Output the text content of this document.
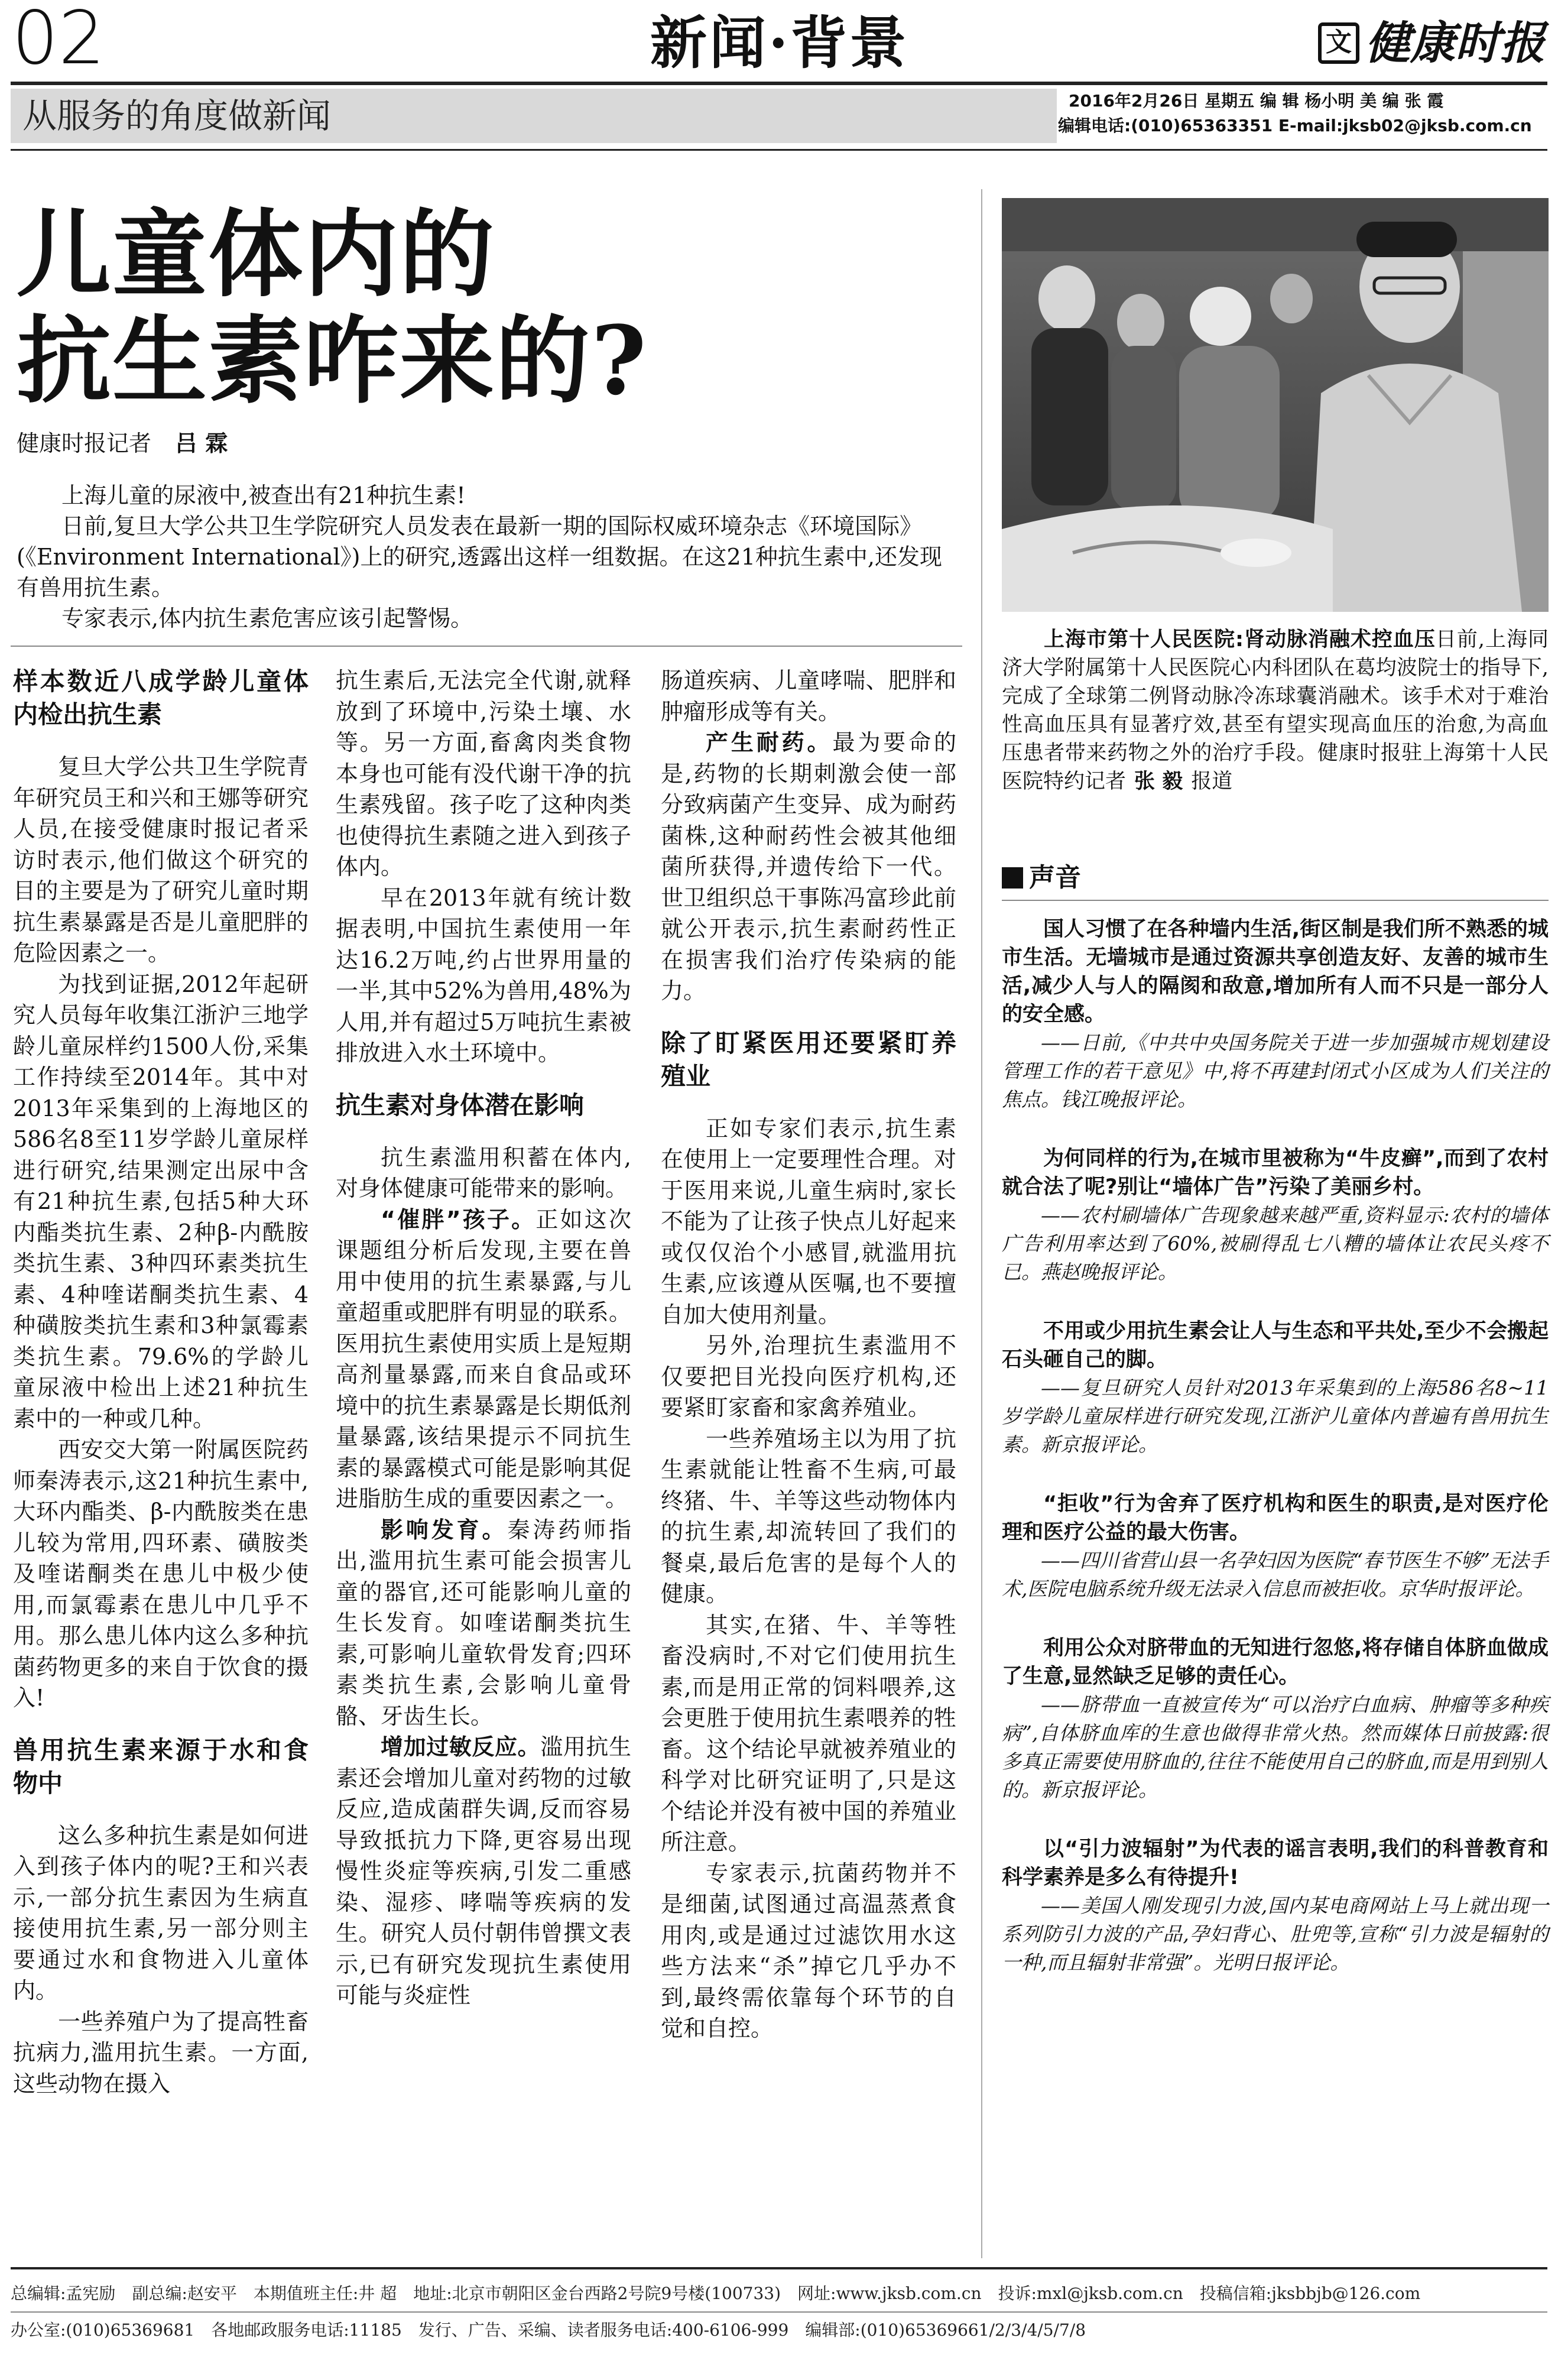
02	新闻·背景	文 健康时报
从服务的角度做新闻	2016年2月26日 星期五 编 辑 杨小明 美 编 张 霞
编辑电话:(010)65363351 E-mail:jksb02@jksb.com.cn
儿童体内的
抗生素咋来的?
健康时报记者 吕 霖

上海儿童的尿液中,被查出有21种抗生素!

日前,复旦大学公共卫生学院研究人员发表在最新一期的国际权威环境杂志《环境国际》(《Environment International》)上的研究,透露出这样一组数据。在这21种抗生素中,还发现有兽用抗生素。

专家表示,体内抗生素危害应该引起警惕。

样本数近八成学龄儿童体内检出抗生素

复旦大学公共卫生学院青年研究员王和兴和王娜等研究人员,在接受健康时报记者采访时表示,他们做这个研究的目的主要是为了研究儿童时期抗生素暴露是否是儿童肥胖的危险因素之一。

为找到证据,2012年起研究人员每年收集江浙沪三地学龄儿童尿样约1500人份,采集工作持续至2014年。其中对2013年采集到的上海地区的586名8至11岁学龄儿童尿样进行研究,结果测定出尿中含有21种抗生素,包括5种大环内酯类抗生素、2种β-内酰胺类抗生素、3种四环素类抗生素、4种喹诺酮类抗生素、4种磺胺类抗生素和3种氯霉素类抗生素。79.6%的学龄儿童尿液中检出上述21种抗生素中的一种或几种。

西安交大第一附属医院药师秦涛表示,这21种抗生素中,大环内酯类、β-内酰胺类在患儿较为常用,四环素、磺胺类及喹诺酮类在患儿中极少使用,而氯霉素在患儿中几乎不用。那么患儿体内这么多种抗菌药物更多的来自于饮食的摄入!

兽用抗生素来源于水和食物中

这么多种抗生素是如何进入到孩子体内的呢?王和兴表示,一部分抗生素因为生病直接使用抗生素,另一部分则主要通过水和食物进入儿童体内。

一些养殖户为了提高牲畜抗病力,滥用抗生素。一方面,这些动物在摄入

抗生素后,无法完全代谢,就释放到了环境中,污染土壤、水等。另一方面,畜禽肉类食物本身也可能有没代谢干净的抗生素残留。孩子吃了这种肉类也使得抗生素随之进入到孩子体内。

早在2013年就有统计数据表明,中国抗生素使用一年达16.2万吨,约占世界用量的一半,其中52%为兽用,48%为人用,并有超过5万吨抗生素被排放进入水土环境中。

抗生素对身体潜在影响

抗生素滥用积蓄在体内,对身体健康可能带来的影响。

“催胖”孩子。正如这次课题组分析后发现,主要在兽用中使用的抗生素暴露,与儿童超重或肥胖有明显的联系。医用抗生素使用实质上是短期高剂量暴露,而来自食品或环境中的抗生素暴露是长期低剂量暴露,该结果提示不同抗生素的暴露模式可能是影响其促进脂肪生成的重要因素之一。

影响发育。秦涛药师指出,滥用抗生素可能会损害儿童的器官,还可能影响儿童的生长发育。如喹诺酮类抗生素,可影响儿童软骨发育;四环素类抗生素,会影响儿童骨骼、牙齿生长。

增加过敏反应。滥用抗生素还会增加儿童对药物的过敏反应,造成菌群失调,反而容易导致抵抗力下降,更容易出现慢性炎症等疾病,引发二重感染、湿疹、哮喘等疾病的发生。研究人员付朝伟曾撰文表示,已有研究发现抗生素使用可能与炎症性

肠道疾病、儿童哮喘、肥胖和肿瘤形成等有关。

产生耐药。最为要命的是,药物的长期刺激会使一部分致病菌产生变异、成为耐药菌株,这种耐药性会被其他细菌所获得,并遗传给下一代。世卫组织总干事陈冯富珍此前就公开表示,抗生素耐药性正在损害我们治疗传染病的能力。

除了盯紧医用还要紧盯养殖业

正如专家们表示,抗生素在使用上一定要理性合理。对于医用来说,儿童生病时,家长不能为了让孩子快点儿好起来或仅仅治个小感冒,就滥用抗生素,应该遵从医嘱,也不要擅自加大使用剂量。

另外,治理抗生素滥用不仅要把目光投向医疗机构,还要紧盯家畜和家禽养殖业。

一些养殖场主以为用了抗生素就能让牲畜不生病,可最终猪、牛、羊等这些动物体内的抗生素,却流转回了我们的餐桌,最后危害的是每个人的健康。

其实,在猪、牛、羊等牲畜没病时,不对它们使用抗生素,而是用正常的饲料喂养,这会更胜于使用抗生素喂养的牲畜。这个结论早就被养殖业的科学对比研究证明了,只是这个结论并没有被中国的养殖业所注意。

专家表示,抗菌药物并不是细菌,试图通过高温蒸煮食用肉,或是通过过滤饮用水这些方法来“杀”掉它几乎办不到,最终需依靠每个环节的自觉和自控。

上海市第十人民医院:肾动脉消融术控血压日前,上海同济大学附属第十人民医院心内科团队在葛均波院士的指导下,完成了全球第二例肾动脉冷冻球囊消融术。该手术对于难治性高血压具有显著疗效,甚至有望实现高血压的治愈,为高血压患者带来药物之外的治疗手段。健康时报驻上海第十人民医院特约记者 张 毅 报道
声音
国人习惯了在各种墙内生活,街区制是我们所不熟悉的城市生活。无墙城市是通过资源共享创造友好、友善的城市生活,减少人与人的隔阂和敌意,增加所有人而不只是一部分人的安全感。
——日前,《中共中央国务院关于进一步加强城市规划建设管理工作的若干意见》中,将不再建封闭式小区成为人们关注的焦点。钱江晚报评论。
为何同样的行为,在城市里被称为“牛皮癣”,而到了农村就合法了呢?别让“墙体广告”污染了美丽乡村。
——农村刷墙体广告现象越来越严重,资料显示:农村的墙体广告利用率达到了60%,被刷得乱七八糟的墙体让农民头疼不已。燕赵晚报评论。
不用或少用抗生素会让人与生态和平共处,至少不会搬起石头砸自己的脚。
——复旦研究人员针对2013年采集到的上海586名8~11岁学龄儿童尿样进行研究发现,江浙沪儿童体内普遍有兽用抗生素。新京报评论。
“拒收”行为舍弃了医疗机构和医生的职责,是对医疗伦理和医疗公益的最大伤害。
——四川省营山县一名孕妇因为医院“春节医生不够”无法手术,医院电脑系统升级无法录入信息而被拒收。京华时报评论。
利用公众对脐带血的无知进行忽悠,将存储自体脐血做成了生意,显然缺乏足够的责任心。
——脐带血一直被宣传为“可以治疗白血病、肿瘤等多种疾病”,自体脐血库的生意也做得非常火热。然而媒体日前披露:很多真正需要使用脐血的,往往不能使用自己的脐血,而是用到别人的。新京报评论。
以“引力波辐射”为代表的谣言表明,我们的科普教育和科学素养是多么有待提升!
——美国人刚发现引力波,国内某电商网站上马上就出现一系列防引力波的产品,孕妇背心、肚兜等,宣称“引力波是辐射的一种,而且辐射非常强”。光明日报评论。
总编辑:孟宪励 副总编:赵安平 本期值班主任:井 超 地址:北京市朝阳区金台西路2号院9号楼(100733) 网址:www.jksb.com.cn 投诉:mxl@jksb.com.cn 投稿信箱:jksbbjb@126.com
办公室:(010)65369681 各地邮政服务电话:11185 发行、广告、采编、读者服务电话:400-6106-999 编辑部:(010)65369661/2/3/4/5/7/8
